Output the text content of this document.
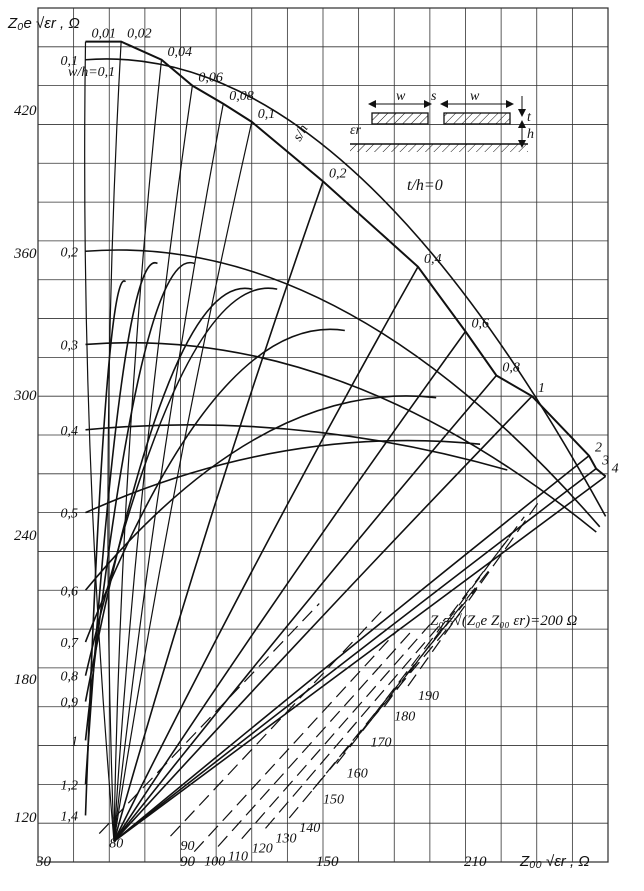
120
180
240
300
360
420
30	90	150	210
Z₀e √εr , Ω
Z₀₀ √εr , Ω
t/h=0
w/h=0,1
s/h
Z₀=√(Z₀e Z₀₀ εr)=200 Ω
0,1
0,2
0,3
0,4
0,5
0,6
0,7
0,8
0,9
1
1,2
1,4
0,01 0,02
0,04
0,06
0,08
0,1
0,2
0,4
0,6
0,8
1
2
3
4
80	90
100 110
120
130
140
150
160
170
180
190
w s w
t
h
εr
